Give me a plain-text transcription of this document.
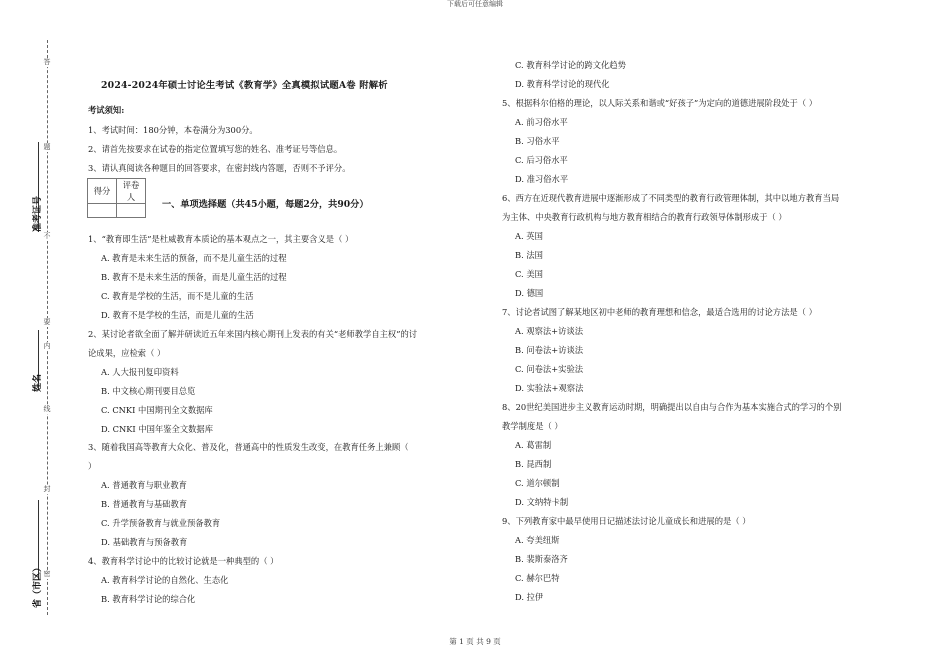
下载后可任意编辑
答
题
不
要
内
线
封
密
准考证号
姓名
省（市区）
2024-2024年硕士讨论生考试《教育学》全真模拟试题A卷 附解析
考试须知:
1、考试时间：180分钟，本卷满分为300分。
2、请首先按要求在试卷的指定位置填写您的姓名、准考证号等信息。
3、请认真阅读各种题目的回答要求，在密封线内答题，否则不予评分。
得分	评卷人

一、单项选择题（共45小题，每题2分，共90分）
1、“教育即生活”是杜威教育本质论的基本观点之一，其主要含义是（ ）
A. 教育是未来生活的预备，而不是儿童生活的过程
B. 教育不是未来生活的预备，而是儿童生活的过程
C. 教育是学校的生活，而不是儿童的生活
D. 教育不是学校的生活，而是儿童的生活
2、某讨论者欲全面了解并研读近五年来国内核心期刊上发表的有关“老师教学自主权”的讨
论成果，应检索（ ）
A. 人大报刊复印资料
B. 中文核心期刊要目总览
C. CNKI 中国期刊全文数据库
D. CNKI 中国年鉴全文数据库
3、随着我国高等教育大众化、普及化，普通高中的性质发生改变，在教育任务上兼顾（
）
A. 普通教育与职业教育
B. 普通教育与基础教育
C. 升学预备教育与就业预备教育
D. 基础教育与预备教育
4、教育科学讨论中的比较讨论就是一种典型的（ ）
A. 教育科学讨论的自然化、生态化
B. 教育科学讨论的综合化
C. 教育科学讨论的跨文化趋势
D. 教育科学讨论的现代化
5、根据科尔伯格的理论，以人际关系和谐或“好孩子”为定向的道德进展阶段处于（ ）
A. 前习俗水平
B. 习俗水平
C. 后习俗水平
D. 准习俗水平
6、西方在近现代教育进展中逐渐形成了不同类型的教育行政管理体制，其中以地方教育当局
为主体、中央教育行政机构与地方教育相结合的教育行政领导体制形成于（ ）
A. 英国
B. 法国
C. 美国
D. 德国
7、讨论者试图了解某地区初中老师的教育理想和信念，最适合选用的讨论方法是（ ）
A. 观察法+访谈法
B. 问卷法+访谈法
C. 问卷法+实验法
D. 实验法+观察法
8、20世纪美国进步主义教育运动时期，明确提出以自由与合作为基本实施合式的学习的个别
教学制度是（ ）
A. 葛雷制
B. 昆西制
C. 道尔顿制
D. 文纳特卡制
9、下列教育家中最早使用日记描述法讨论儿童成长和进展的是（ ）
A. 夸美纽斯
B. 裴斯泰洛齐
C. 赫尔巴特
D. 拉伊
第 1 页 共 9 页
